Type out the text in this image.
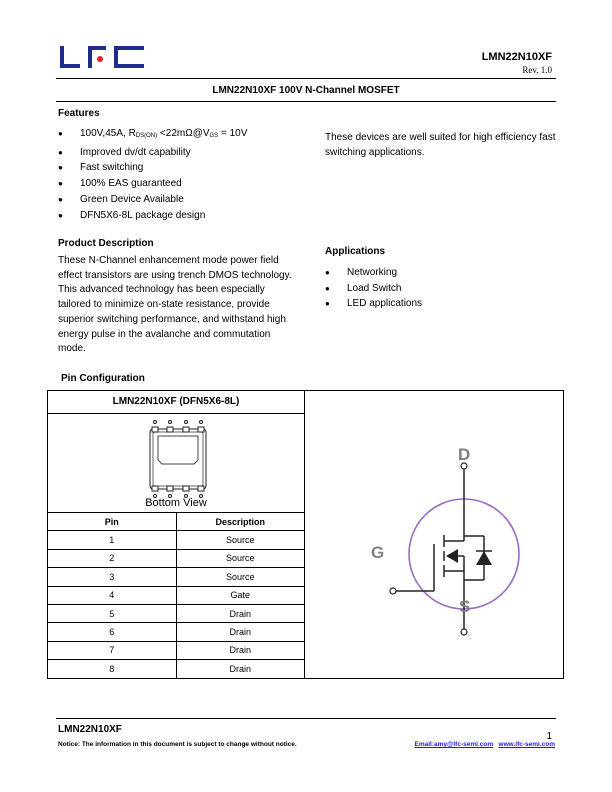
LMN22N10XF
Rev. 1.0
LMN22N10XF 100V N-Channel MOSFET
Features
● 100V,45A, $R_{DS(ON)}$ $<22m\Omega@V_{GS} = 10V$
● Improved dv/dt capability
● Fast switching
● 100% EAS guaranteed
● Green Device Available
● DFN5X6-8L package design
These devices are well suited for high efficiency fast switching applications.
Product Description
These N-Channel enhancement mode power field effect transistors are using trench DMOS technology. This advanced technology has been especially tailored to minimize on-state resistance, provide superior switching performance, and withstand high energy pulse in the avalanche and commutation mode.
Applications
● Networking
● Load Switch
● LED applications
Pin Configuration
LMN22N10XF (DFN5X6-8L)
Bottom View
Pin	Description
1	Source
2	Source
3	Source
4	Gate
5	Drain
6	Drain
7	Drain
8	Drain
D
G
S
LMN22N10XF
1
Notice: The information in this document is subject to change without notice.	Email:amy@lfc-semi.com www.lfc-semi.com
